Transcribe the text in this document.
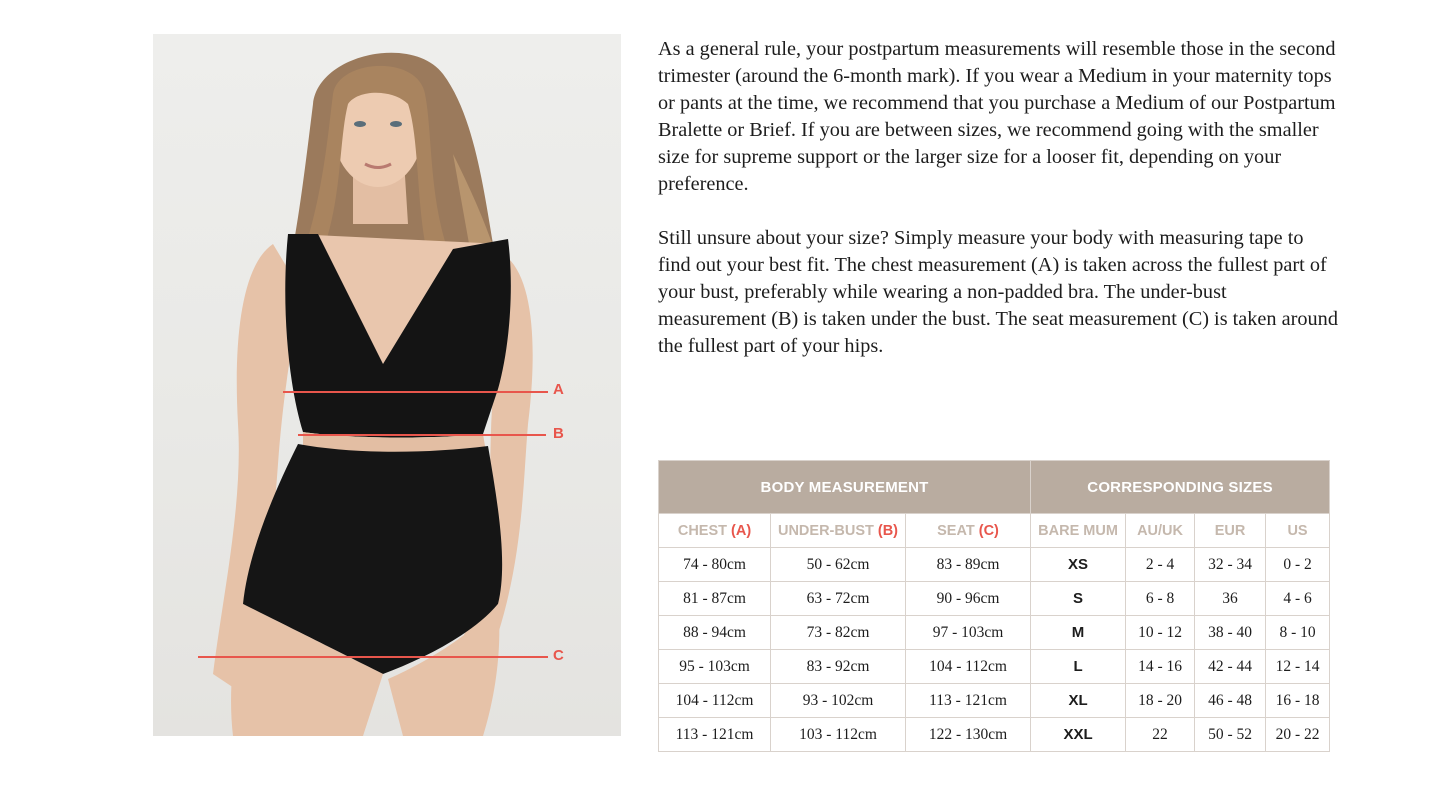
A
B
C

As a general rule, your postpartum measurements will resemble those in the second trimester (around the 6-month mark). If you wear a Medium in your maternity tops or pants at the time, we recommend that you purchase a Medium of our Postpartum Bralette or Brief. If you are between sizes, we recommend going with the smaller size for supreme support or the larger size for a looser fit, depending on your preference.

Still unsure about your size? Simply measure your body with measuring tape to find out your best fit. The chest measurement (A) is taken across the fullest part of your bust, preferably while wearing a non-padded bra. The under-bust measurement (B) is taken under the bust. The seat measurement (C) is taken around the fullest part of your hips.

BODY MEASUREMENT			CORRESPONDING SIZES			
CHEST (A)	UNDER-BUST (B)	SEAT (C)	BARE MUM	AU/UK	EUR	US
74 - 80cm	50 - 62cm	83 - 89cm	XS	2 - 4	32 - 34	0 - 2
81 - 87cm	63 - 72cm	90 - 96cm	S	6 - 8	36	4 - 6
88 - 94cm	73 - 82cm	97 - 103cm	M	10 - 12	38 - 40	8 - 10
95 - 103cm	83 - 92cm	104 - 112cm	L	14 - 16	42 - 44	12 - 14
104 - 112cm	93 - 102cm	113 - 121cm	XL	18 - 20	46 - 48	16 - 18
113 - 121cm	103 - 112cm	122 - 130cm	XXL	22	50 - 52	20 - 22
